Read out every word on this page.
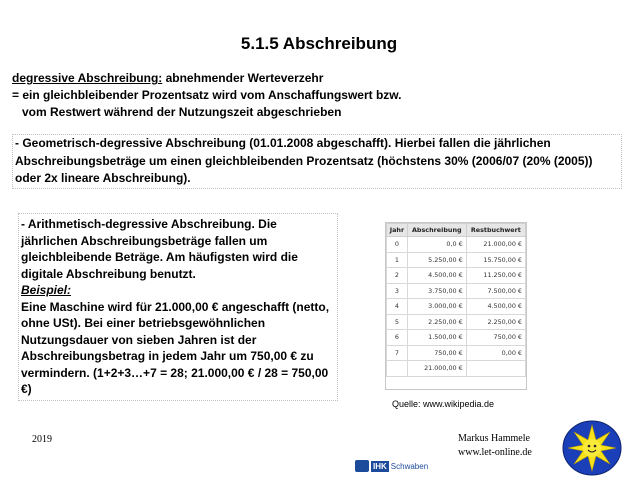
5.1.5 Abschreibung
degressive Abschreibung: abnehmender Werteverzehr
= ein gleichbleibender Prozentsatz wird vom Anschaffungswert bzw.
vom Restwert während der Nutzungszeit abgeschrieben
- Geometrisch-degressive Abschreibung (01.01.2008 abgeschafft). Hierbei fallen die jährlichen Abschreibungsbeträge um einen gleichbleibenden Prozentsatz (höchstens 30% (2006/07 (20% (2005)) oder 2x lineare Abschreibung).
- Arithmetisch-degressive Abschreibung. Die jährlichen Abschreibungsbeträge fallen um gleichbleibende Beträge. Am häufigsten wird die digitale Abschreibung benutzt.
Beispiel:
Eine Maschine wird für 21.000,00 € angeschafft (netto, ohne USt). Bei einer betriebsgewöhnlichen Nutzungsdauer von sieben Jahren ist der Abschreibungsbetrag in jedem Jahr um 750,00 € zu vermindern. (1+2+3…+7 = 28; 21.000,00 € / 28 = 750,00 €)
Jahr	Abschreibung	Restbuchwert
0	0,0 €	21.000,00 €
1	5.250,00 €	15.750,00 €
2	4.500,00 €	11.250,00 €
3	3.750,00 €	7.500,00 €
4	3.000,00 €	4.500,00 €
5	2.250,00 €	2.250,00 €
6	1.500,00 €	750,00 €
7	750,00 €	0,00 €
	21.000,00 €	
Quelle: www.wikipedia.de
2019	Markus Hammele
www.let-online.de
IHK Schwaben
